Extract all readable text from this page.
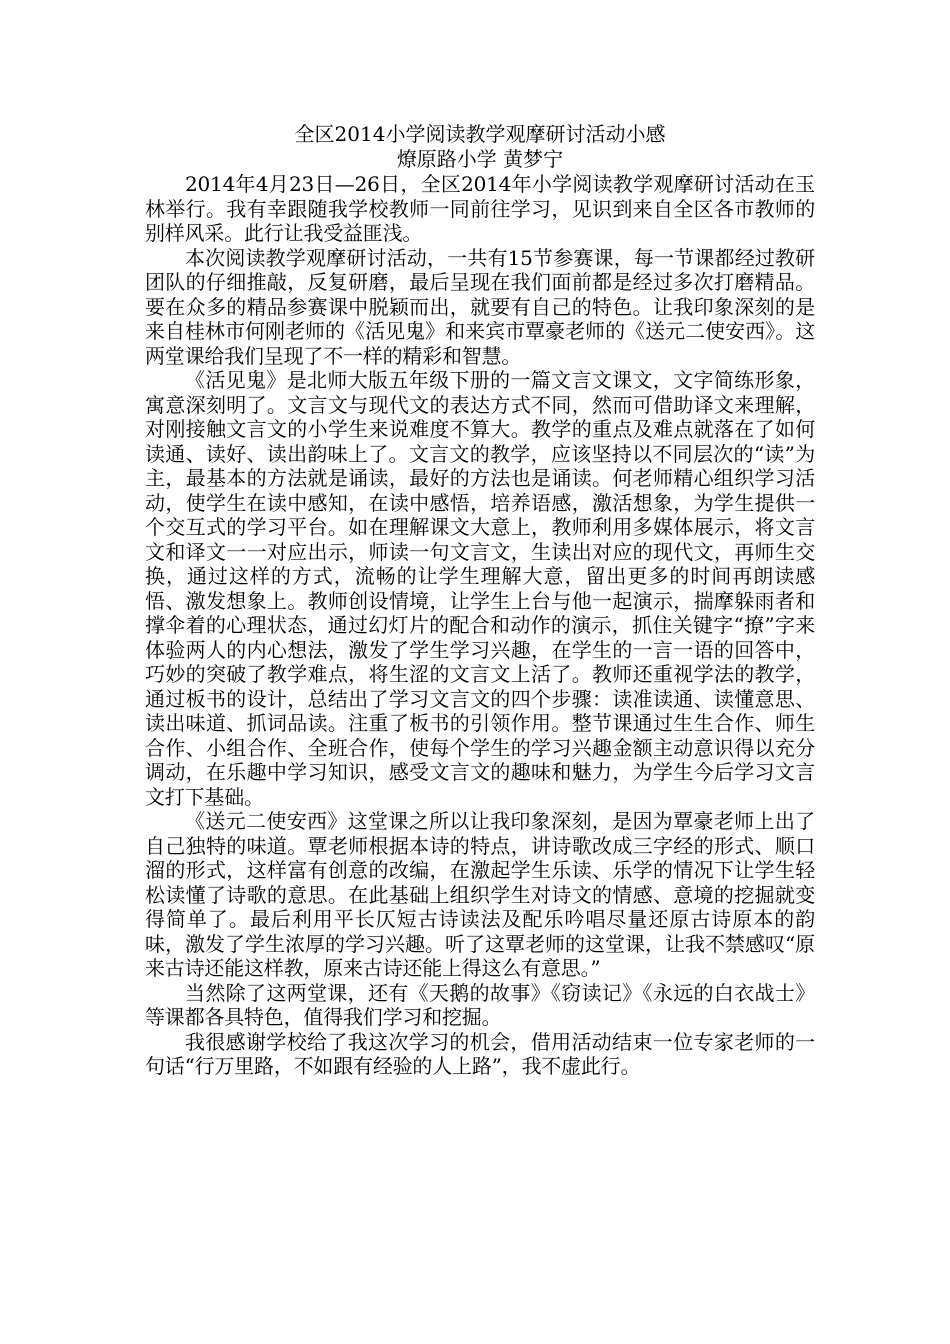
全区2014小学阅读教学观摩研讨活动小感
燎原路小学 黄梦宁

2014年4月23日—26日，全区2014年小学阅读教学观摩研讨活动在玉林举行。我有幸跟随我学校教师一同前往学习，见识到来自全区各市教师的别样风采。此行让我受益匪浅。

本次阅读教学观摩研讨活动，一共有15节参赛课，每一节课都经过教研团队的仔细推敲，反复研磨，最后呈现在我们面前都是经过多次打磨精品。要在众多的精品参赛课中脱颖而出，就要有自己的特色。让我印象深刻的是来自桂林市何刚老师的《活见鬼》和来宾市覃豪老师的《送元二使安西》。这两堂课给我们呈现了不一样的精彩和智慧。

《活见鬼》是北师大版五年级下册的一篇文言文课文，文字简练形象，寓意深刻明了。文言文与现代文的表达方式不同，然而可借助译文来理解，对刚接触文言文的小学生来说难度不算大。教学的重点及难点就落在了如何读通、读好、读出韵味上了。文言文的教学，应该坚持以不同层次的“读”为主，最基本的方法就是诵读，最好的方法也是诵读。何老师精心组织学习活动，使学生在读中感知，在读中感悟，培养语感，激活想象，为学生提供一个交互式的学习平台。如在理解课文大意上，教师利用多媒体展示，将文言文和译文一一对应出示，师读一句文言文，生读出对应的现代文，再师生交换，通过这样的方式，流畅的让学生理解大意，留出更多的时间再朗读感悟、激发想象上。教师创设情境，让学生上台与他一起演示，揣摩躲雨者和撑伞着的心理状态，通过幻灯片的配合和动作的演示，抓住关键字“撩”字来体验两人的内心想法，激发了学生学习兴趣，在学生的一言一语的回答中，巧妙的突破了教学难点，将生涩的文言文上活了。教师还重视学法的教学，通过板书的设计，总结出了学习文言文的四个步骤：读准读通、读懂意思、读出味道、抓词品读。注重了板书的引领作用。整节课通过生生合作、师生合作、小组合作、全班合作，使每个学生的学习兴趣金额主动意识得以充分调动，在乐趣中学习知识，感受文言文的趣味和魅力，为学生今后学习文言文打下基础。

《送元二使安西》这堂课之所以让我印象深刻，是因为覃豪老师上出了自己独特的味道。覃老师根据本诗的特点，讲诗歌改成三字经的形式、顺口溜的形式，这样富有创意的改编，在激起学生乐读、乐学的情况下让学生轻松读懂了诗歌的意思。在此基础上组织学生对诗文的情感、意境的挖掘就变得简单了。最后利用平长仄短古诗读法及配乐吟唱尽量还原古诗原本的韵味，激发了学生浓厚的学习兴趣。听了这覃老师的这堂课，让我不禁感叹“原来古诗还能这样教，原来古诗还能上得这么有意思。”

当然除了这两堂课，还有《天鹅的故事》《窃读记》《永远的白衣战士》等课都各具特色，值得我们学习和挖掘。

我很感谢学校给了我这次学习的机会，借用活动结束一位专家老师的一句话“行万里路，不如跟有经验的人上路”，我不虚此行。
